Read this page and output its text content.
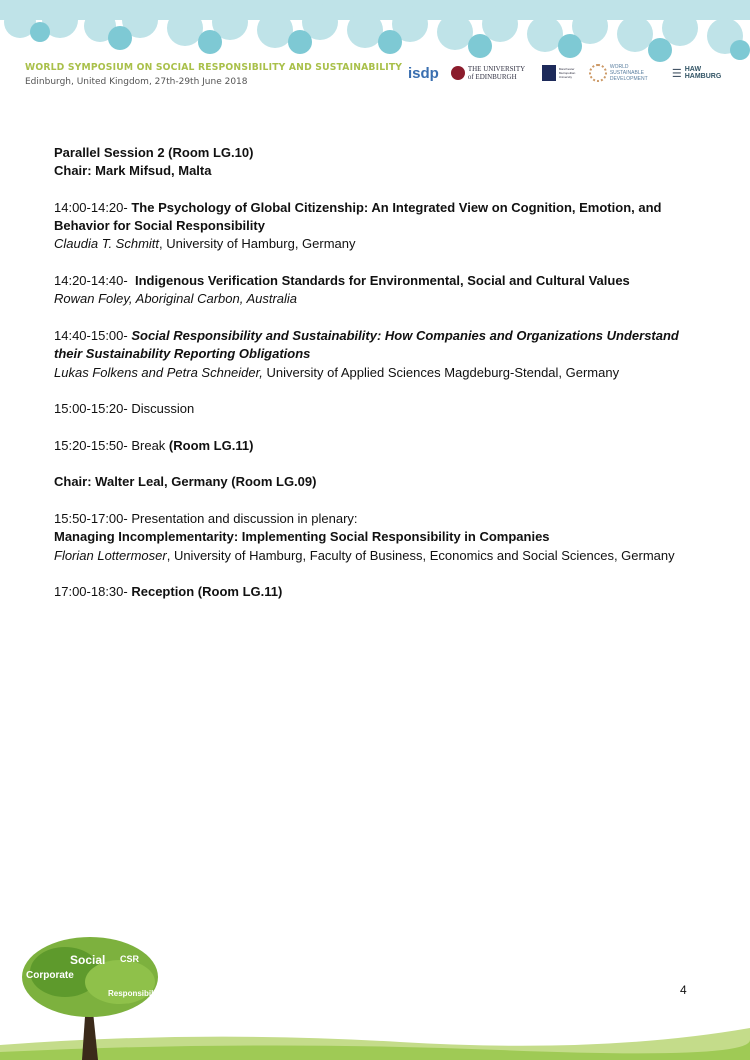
WORLD SYMPOSIUM ON SOCIAL RESPONSIBILITY AND SUSTAINABILITY
Edinburgh, United Kingdom, 27th-29th June 2018
isdp	THE UNIVERSITY of EDINBURGH
Manchester Metropolitan University
WORLD SUSTAINABLE DEVELOPMENT	☰ HAW HAMBURG

Parallel Session 2 (Room LG.10)
Chair: Mark Mifsud, Malta

14:00-14:20- The Psychology of Global Citizenship: An Integrated View on Cognition, Emotion, and Behavior for Social Responsibility
Claudia T. Schmitt, University of Hamburg, Germany

14:20-14:40-  Indigenous Verification Standards for Environmental, Social and Cultural Values
Rowan Foley, Aboriginal Carbon, Australia

14:40-15:00- Social Responsibility and Sustainability: How Companies and Organizations Understand their Sustainability Reporting Obligations
Lukas Folkens and Petra Schneider, University of Applied Sciences Magdeburg-Stendal, Germany

15:00-15:20- Discussion

15:20-15:50- Break (Room LG.11)

Chair: Walter Leal, Germany (Room LG.09)

15:50-17:00- Presentation and discussion in plenary:
Managing Incomplementarity: Implementing Social Responsibility in Companies
Florian Lottermoser, University of Hamburg, Faculty of Business, Economics and Social Sciences, Germany

17:00-18:30- Reception (Room LG.11)

4
Social
Corporate
Responsibility
CSR
